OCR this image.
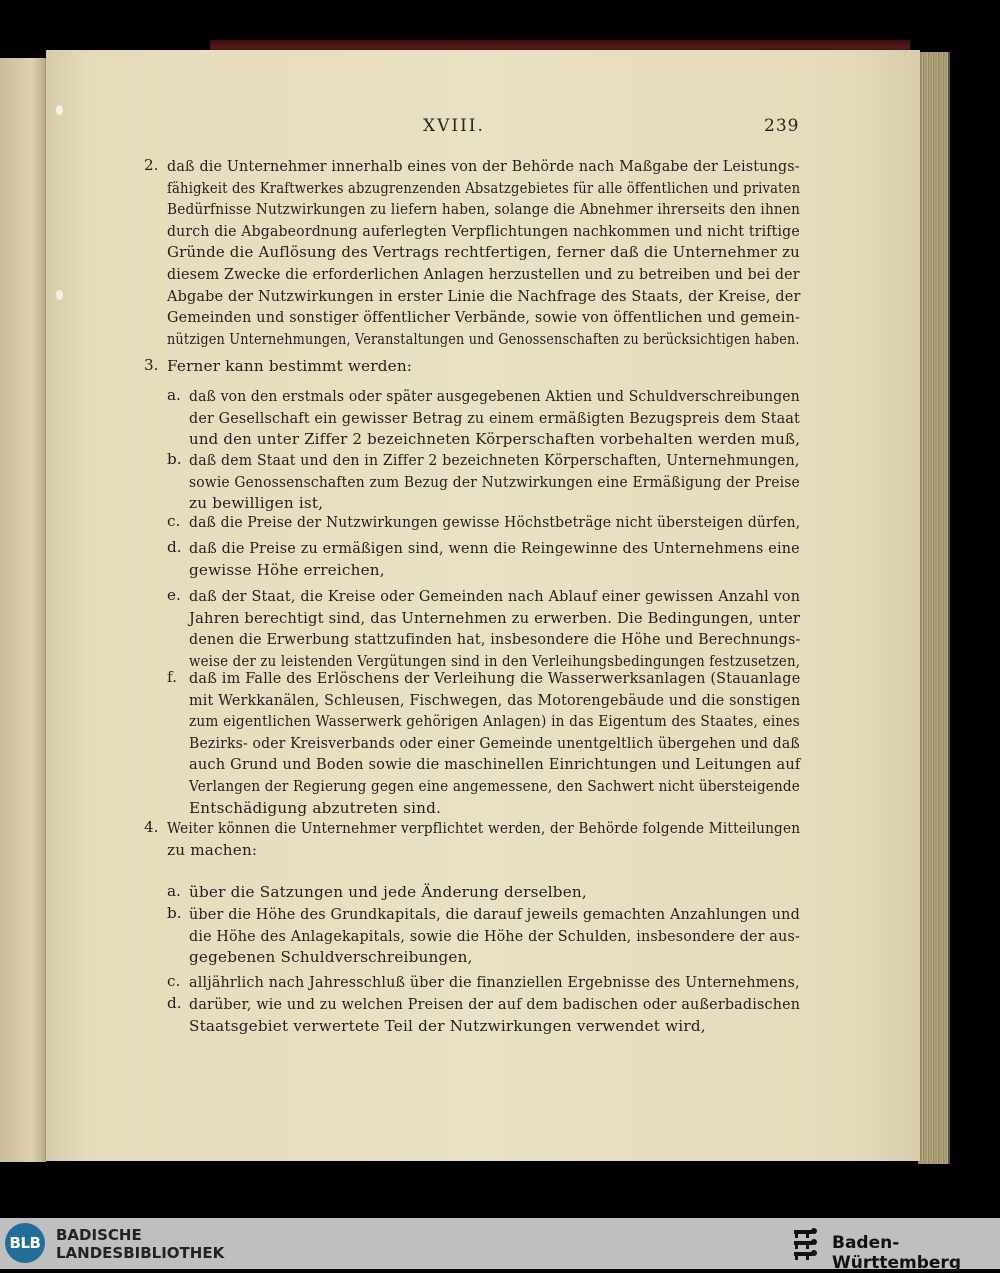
XVIII.	239
2. daß die Unternehmer innerhalb eines von der Behörde nach Maßgabe der Leistungs-
fähigkeit des Kraftwerkes abzugrenzenden Absatzgebietes für alle öffentlichen und privaten
Bedürfnisse Nutzwirkungen zu liefern haben, solange die Abnehmer ihrerseits den ihnen
durch die Abgabeordnung auferlegten Verpflichtungen nachkommen und nicht triftige
Gründe die Auflösung des Vertrags rechtfertigen, ferner daß die Unternehmer zu
diesem Zwecke die erforderlichen Anlagen herzustellen und zu betreiben und bei der
Abgabe der Nutzwirkungen in erster Linie die Nachfrage des Staats, der Kreise, der
Gemeinden und sonstiger öffentlicher Verbände, sowie von öffentlichen und gemein-
nützigen Unternehmungen, Veranstaltungen und Genossenschaften zu berücksichtigen haben.
3. Ferner kann bestimmt werden:
a. daß von den erstmals oder später ausgegebenen Aktien und Schuldverschreibungen
der Gesellschaft ein gewisser Betrag zu einem ermäßigten Bezugspreis dem Staat
und den unter Ziffer 2 bezeichneten Körperschaften vorbehalten werden muß,
b. daß dem Staat und den in Ziffer 2 bezeichneten Körperschaften, Unternehmungen,
sowie Genossenschaften zum Bezug der Nutzwirkungen eine Ermäßigung der Preise
zu bewilligen ist,
c. daß die Preise der Nutzwirkungen gewisse Höchstbeträge nicht übersteigen dürfen,
d. daß die Preise zu ermäßigen sind, wenn die Reingewinne des Unternehmens eine
gewisse Höhe erreichen,
e. daß der Staat, die Kreise oder Gemeinden nach Ablauf einer gewissen Anzahl von
Jahren berechtigt sind, das Unternehmen zu erwerben. Die Bedingungen, unter
denen die Erwerbung stattzufinden hat, insbesondere die Höhe und Berechnungs-
weise der zu leistenden Vergütungen sind in den Verleihungsbedingungen festzusetzen,
f. daß im Falle des Erlöschens der Verleihung die Wasserwerksanlagen (Stauanlage
mit Werkkanälen, Schleusen, Fischwegen, das Motorengebäude und die sonstigen
zum eigentlichen Wasserwerk gehörigen Anlagen) in das Eigentum des Staates, eines
Bezirks- oder Kreisverbands oder einer Gemeinde unentgeltlich übergehen und daß
auch Grund und Boden sowie die maschinellen Einrichtungen und Leitungen auf
Verlangen der Regierung gegen eine angemessene, den Sachwert nicht übersteigende
Entschädigung abzutreten sind.
4. Weiter können die Unternehmer verpflichtet werden, der Behörde folgende Mitteilungen
zu machen:
a. über die Satzungen und jede Änderung derselben,
b. über die Höhe des Grundkapitals, die darauf jeweils gemachten Anzahlungen und
die Höhe des Anlagekapitals, sowie die Höhe der Schulden, insbesondere der aus-
gegebenen Schuldverschreibungen,
c. alljährlich nach Jahresschluß über die finanziellen Ergebnisse des Unternehmens,
d. darüber, wie und zu welchen Preisen der auf dem badischen oder außerbadischen
Staatsgebiet verwertete Teil der Nutzwirkungen verwendet wird,
BLB	BADISCHE
LANDESBIBLIOTHEK	Baden-Württemberg
